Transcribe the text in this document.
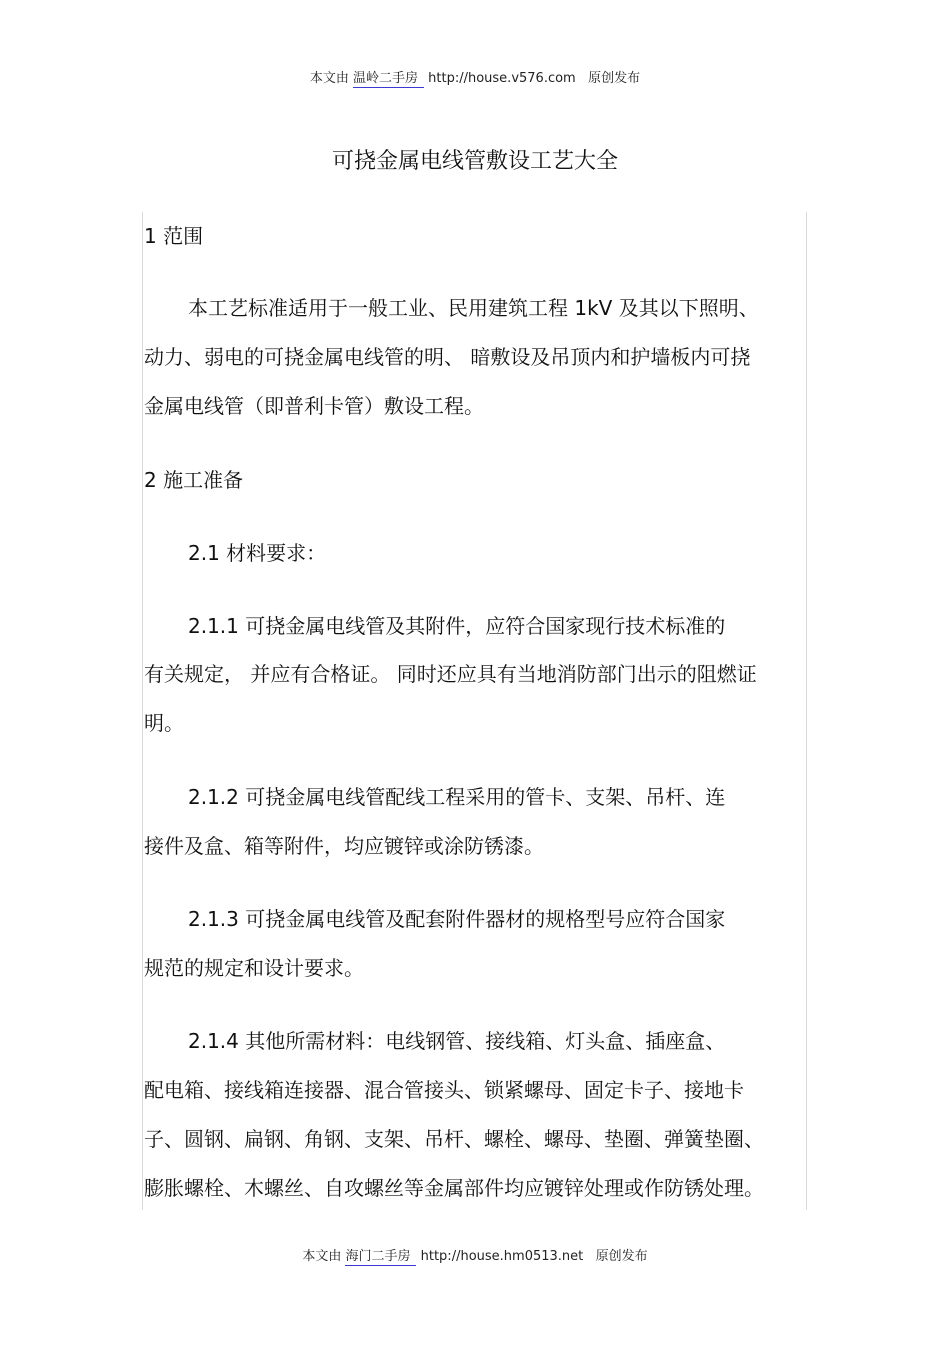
本文由 温岭二手房 http://house.v576.com 原创发布
可挠金属电线管敷设工艺大全
1 范围
本工艺标准适用于一般工业、民用建筑工程 1kV 及其以下照明、
动力、弱电的可挠金属电线管的明、 暗敷设及吊顶内和护墙板内可挠
金属电线管（即普利卡管）敷设工程。
2 施工准备
2.1 材料要求：
2.1.1 可挠金属电线管及其附件，应符合国家现行技术标准的
有关规定， 并应有合格证。 同时还应具有当地消防部门出示的阻燃证
明。
2.1.2 可挠金属电线管配线工程采用的管卡、支架、吊杆、连
接件及盒、箱等附件，均应镀锌或涂防锈漆。
2.1.3 可挠金属电线管及配套附件器材的规格型号应符合国家
规范的规定和设计要求。
2.1.4 其他所需材料：电线钢管、接线箱、灯头盒、插座盒、
配电箱、接线箱连接器、混合管接头、锁紧螺母、固定卡子、接地卡
子、圆钢、扁钢、角钢、支架、吊杆、螺栓、螺母、垫圈、弹簧垫圈、
膨胀螺栓、木螺丝、自攻螺丝等金属部件均应镀锌处理或作防锈处理。
本文由 海门二手房 http://house.hm0513.net 原创发布
